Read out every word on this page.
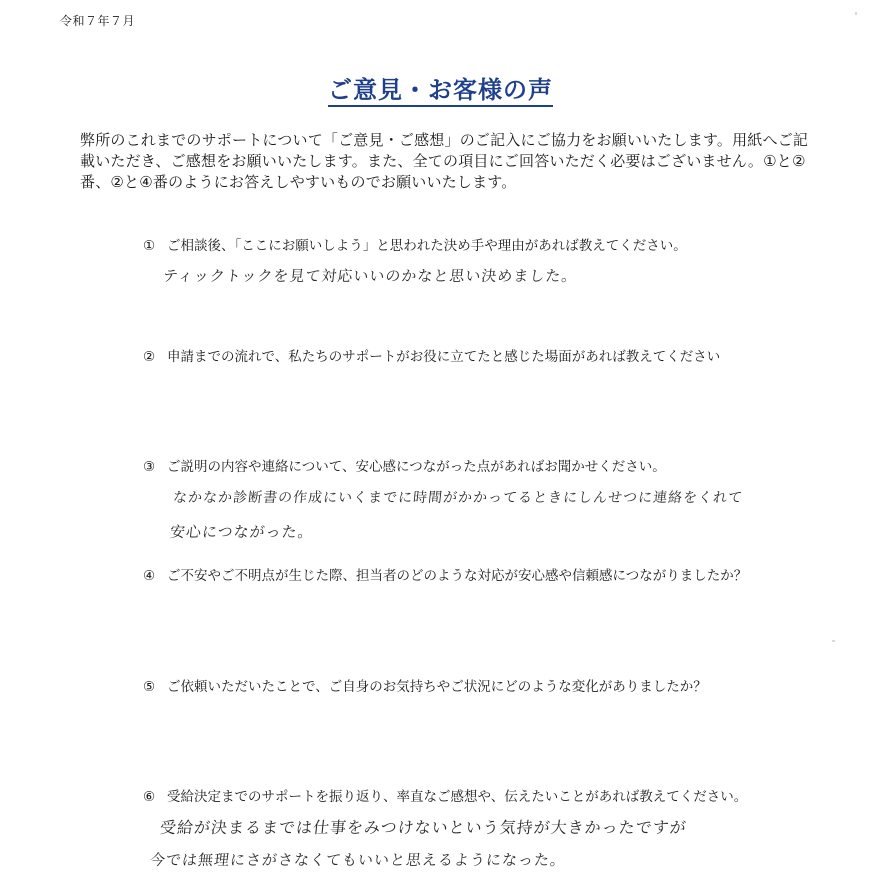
令和７年７月
ご意見・お客様の声
弊所のこれまでのサポートについて「ご意見・ご感想」のご記入にご協力をお願いいたします。用紙へご記載いただき、ご感想をお願いいたします。また、全ての項目にご回答いただく必要はございません。①と②番、②と④番のようにお答えしやすいものでお願いいたします。
① ご相談後、「ここにお願いしよう」と思われた決め手や理由があれば教えてください。
ティックトックを見て対応いいのかなと思い決めました。
② 申請までの流れで、私たちのサポートがお役に立てたと感じた場面があれば教えてください
③ ご説明の内容や連絡について、安心感につながった点があればお聞かせください。
なかなか診断書の作成にいくまでに時間がかかってるときにしんせつに連絡をくれて
安心につながった。
④ ご不安やご不明点が生じた際、担当者のどのような対応が安心感や信頼感につながりましたか？
⑤ ご依頼いただいたことで、ご自身のお気持ちやご状況にどのような変化がありましたか？
⑥ 受給決定までのサポートを振り返り、率直なご感想や、伝えたいことがあれば教えてください。
受給が決まるまでは仕事をみつけないという気持が大きかったですが
今では無理にさがさなくてもいいと思えるようになった。
